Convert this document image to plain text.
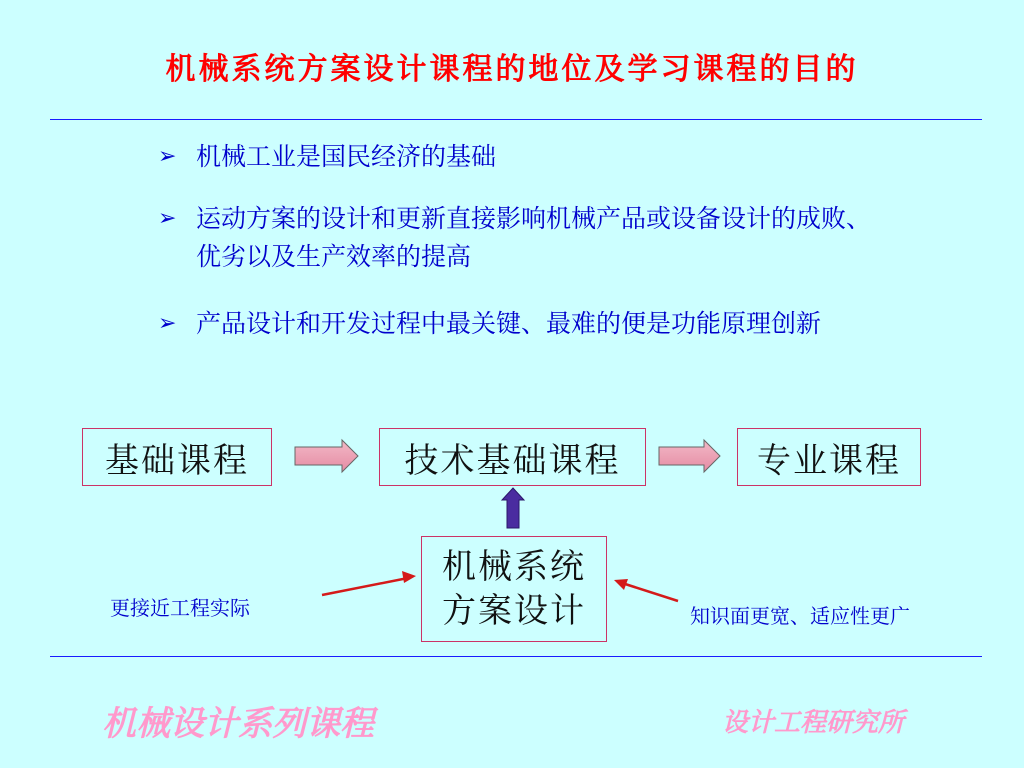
机械系统方案设计课程的地位及学习课程的目的
➢ 机械工业是国民经济的基础
➢ 运动方案的设计和更新直接影响机械产品或设备设计的成败、优劣以及生产效率的提高
➢ 产品设计和开发过程中最关键、最难的便是功能原理创新
基础课程	技术基础课程	专业课程
机械系统
方案设计
更接近工程实际	知识面更宽、适应性更广
机械设计系列课程	设计工程研究所
